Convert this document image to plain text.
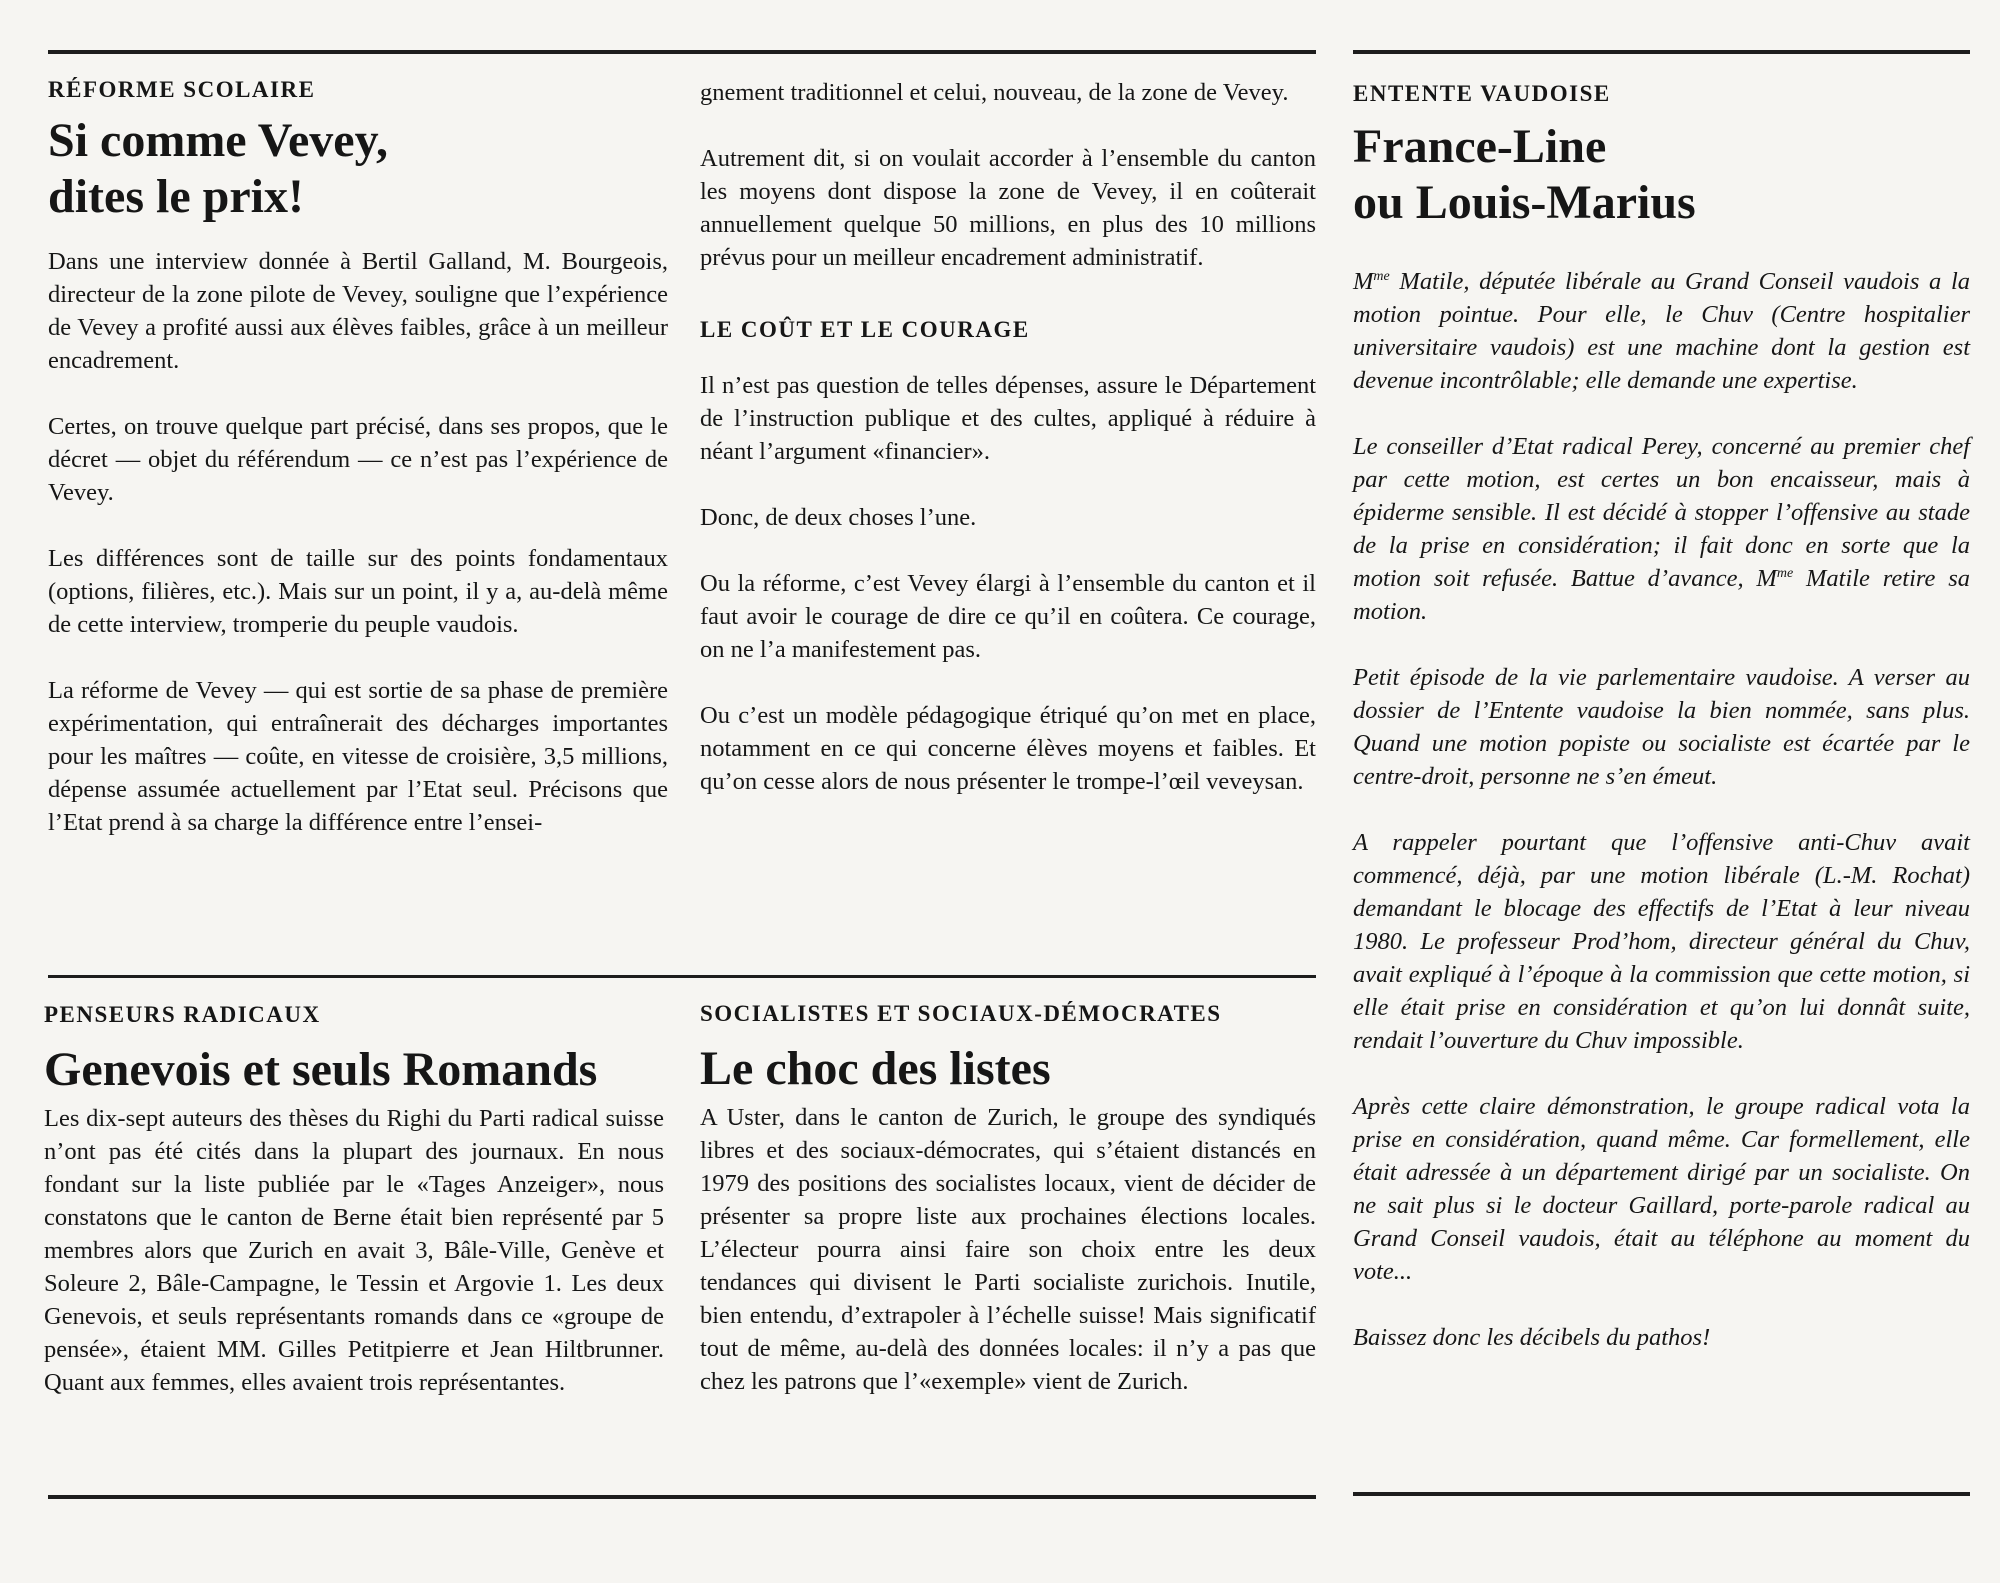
RÉFORME SCOLAIRE
Si comme Vevey,
dites le prix!

Dans une interview donnée à Bertil Galland, M. Bourgeois, directeur de la zone pilote de Vevey, souligne que l’expérience de Vevey a profité aussi aux élèves faibles, grâce à un meilleur encadrement.

Certes, on trouve quelque part précisé, dans ses propos, que le décret — objet du référendum — ce n’est pas l’expérience de Vevey.

Les différences sont de taille sur des points fondamentaux (options, filières, etc.). Mais sur un point, il y a, au-delà même de cette interview, tromperie du peuple vaudois.

La réforme de Vevey — qui est sortie de sa phase de première expérimentation, qui entraînerait des décharges importantes pour les maîtres — coûte, en vitesse de croisière, 3,5 millions, dépense assumée actuellement par l’Etat seul. Précisons que l’Etat prend à sa charge la différence entre l’ensei-

gnement traditionnel et celui, nouveau, de la zone de Vevey.

Autrement dit, si on voulait accorder à l’ensemble du canton les moyens dont dispose la zone de Vevey, il en coûterait annuellement quelque 50 millions, en plus des 10 millions prévus pour un meilleur encadrement administratif.

LE COÛT ET LE COURAGE

Il n’est pas question de telles dépenses, assure le Département de l’instruction publique et des cultes, appliqué à réduire à néant l’argument «financier».

Donc, de deux choses l’une.

Ou la réforme, c’est Vevey élargi à l’ensemble du canton et il faut avoir le courage de dire ce qu’il en coûtera. Ce courage, on ne l’a manifestement pas.

Ou c’est un modèle pédagogique étriqué qu’on met en place, notamment en ce qui concerne élèves moyens et faibles. Et qu’on cesse alors de nous présenter le trompe-l’œil veveysan.

PENSEURS RADICAUX
Genevois et seuls Romands

Les dix-sept auteurs des thèses du Righi du Parti radical suisse n’ont pas été cités dans la plupart des journaux. En nous fondant sur la liste publiée par le «Tages Anzeiger», nous constatons que le canton de Berne était bien représenté par 5 membres alors que Zurich en avait 3, Bâle-Ville, Genève et Soleure 2, Bâle-Campagne, le Tessin et Argovie 1. Les deux Genevois, et seuls représentants romands dans ce «groupe de pensée», étaient MM. Gilles Petitpierre et Jean Hiltbrunner. Quant aux femmes, elles avaient trois représentantes.

SOCIALISTES ET SOCIAUX-DÉMOCRATES
Le choc des listes

A Uster, dans le canton de Zurich, le groupe des syndiqués libres et des sociaux-démocrates, qui s’étaient distancés en 1979 des positions des socialistes locaux, vient de décider de présenter sa propre liste aux prochaines élections locales. L’électeur pourra ainsi faire son choix entre les deux tendances qui divisent le Parti socialiste zurichois. Inutile, bien entendu, d’extrapoler à l’échelle suisse! Mais significatif tout de même, au-delà des données locales: il n’y a pas que chez les patrons que l’«exemple» vient de Zurich.

ENTENTE VAUDOISE
France-Line
ou Louis-Marius

$M^{me}$ Matile, députée libérale au Grand Conseil vaudois a la motion pointue. Pour elle, le Chuv (Centre hospitalier universitaire vaudois) est une machine dont la gestion est devenue incontrôlable; elle demande une expertise.

Le conseiller d’Etat radical Perey, concerné au premier chef par cette motion, est certes un bon encaisseur, mais à épiderme sensible. Il est décidé à stopper l’offensive au stade de la prise en considération; il fait donc en sorte que la motion soit refusée. Battue d’avance, $M^{me}$ Matile retire sa motion.

Petit épisode de la vie parlementaire vaudoise. A verser au dossier de l’Entente vaudoise la bien nommée, sans plus. Quand une motion popiste ou socialiste est écartée par le centre-droit, personne ne s’en émeut.

A rappeler pourtant que l’offensive anti-Chuv avait commencé, déjà, par une motion libérale (L.-M. Rochat) demandant le blocage des effectifs de l’Etat à leur niveau 1980. Le professeur Prod’hom, directeur général du Chuv, avait expliqué à l’époque à la commission que cette motion, si elle était prise en considération et qu’on lui donnât suite, rendait l’ouverture du Chuv impossible.

Après cette claire démonstration, le groupe radical vota la prise en considération, quand même. Car formellement, elle était adressée à un département dirigé par un socialiste. On ne sait plus si le docteur Gaillard, porte-parole radical au Grand Conseil vaudois, était au téléphone au moment du vote...

Baissez donc les décibels du pathos!
